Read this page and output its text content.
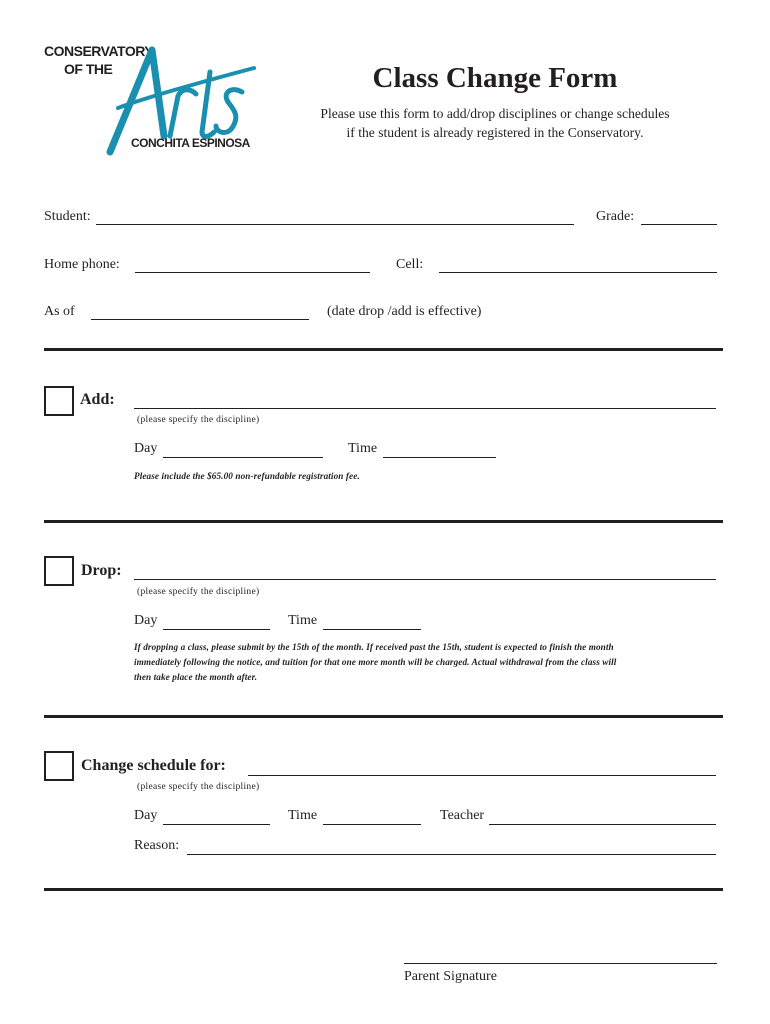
CONSERVATORY
OF THE
CONCHITA ESPINOSA
Class Change Form
Please use this form to add/drop disciplines or change schedules
if the student is already registered in the Conservatory.
Student:	Grade:
Home phone:	Cell:
As of	(date drop /add is effective)
Add:
(please specify the discipline)
Day	Time
Please include the $65.00 non-refundable registration fee.
Drop:
(please specify the discipline)
Day	Time
If dropping a class, please submit by the 15th of the month. If received past the 15th, student is expected to finish the month
immediately following the notice, and tuition for that one more month will be charged. Actual withdrawal from the class will
then take place the month after.
Change schedule for:
(please specify the discipline)
Day	Time	Teacher
Reason:
Parent Signature
